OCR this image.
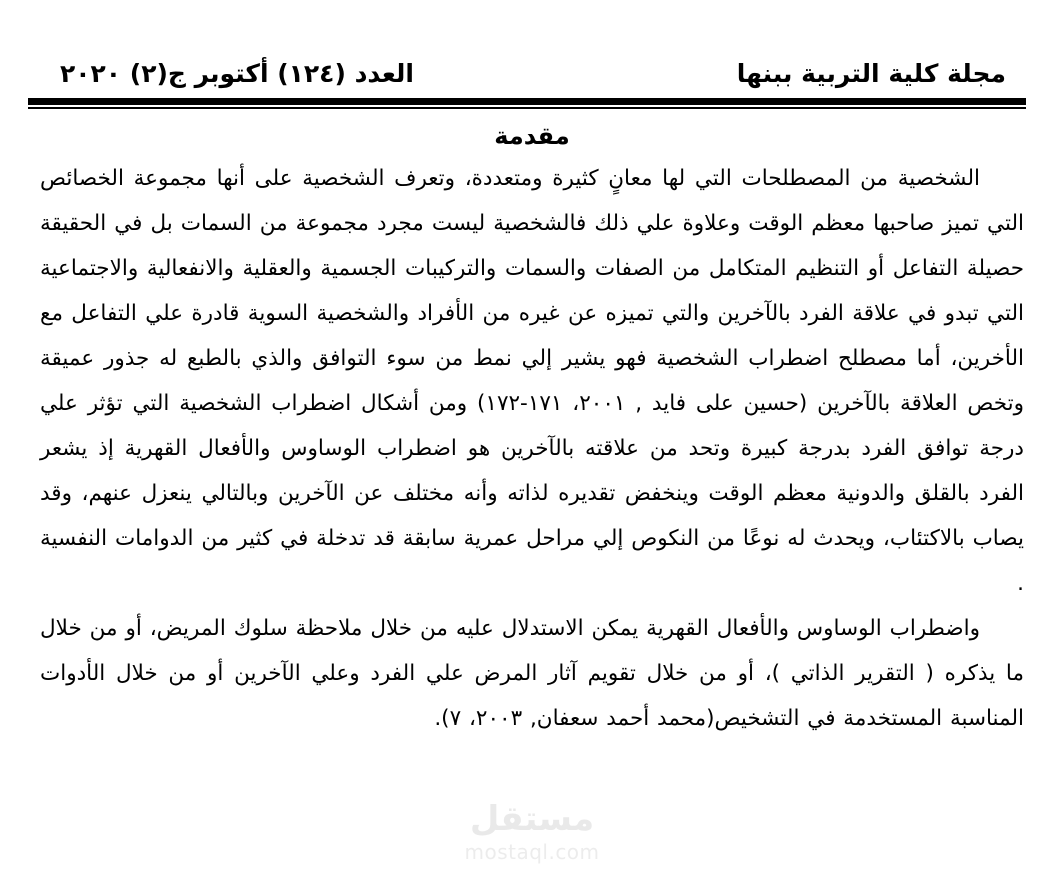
مجلة كلية التربية ببنها
العدد (١٢٤) أكتوبر ج(٢) ٢٠٢٠
مقدمة

الشخصية من المصطلحات التي لها معانٍ كثيرة ومتعددة، وتعرف الشخصية على أنها مجموعة الخصائص التي تميز صاحبها معظم الوقت وعلاوة علي ذلك فالشخصية ليست مجرد مجموعة من السمات بل في الحقيقة حصيلة التفاعل أو التنظيم المتكامل من الصفات والسمات والتركيبات الجسمية والعقلية والانفعالية والاجتماعية التي تبدو في علاقة الفرد بالآخرين والتي تميزه عن غيره من الأفراد والشخصية السوية قادرة علي التفاعل مع الأخرين، أما مصطلح اضطراب الشخصية فهو يشير إلي نمط من سوء التوافق والذي بالطبع له جذور عميقة وتخص العلاقة بالآخرين (حسين على فايد , ٢٠٠١، ١٧١-١٧٢) ومن أشكال اضطراب الشخصية التي تؤثر علي درجة توافق الفرد بدرجة كبيرة وتحد من علاقته بالآخرين هو اضطراب الوساوس والأفعال القهرية إذ يشعر الفرد بالقلق والدونية معظم الوقت وينخفض تقديره لذاته وأنه مختلف عن الآخرين وبالتالي ينعزل عنهم، وقد يصاب بالاكتئاب، ويحدث له نوعًا من النكوص إلي مراحل عمرية سابقة قد تدخلة في كثير من الدوامات النفسية .

واضطراب الوساوس والأفعال القهرية يمكن الاستدلال عليه من خلال ملاحظة سلوك المريض، أو من خلال ما يذكره ( التقرير الذاتي )، أو من خلال تقويم آثار المرض علي الفرد وعلي الآخرين أو من خلال الأدوات المناسبة المستخدمة في التشخيص(محمد أحمد سعفان, ٢٠٠٣، ٧).

مستقل
mostaql.com
